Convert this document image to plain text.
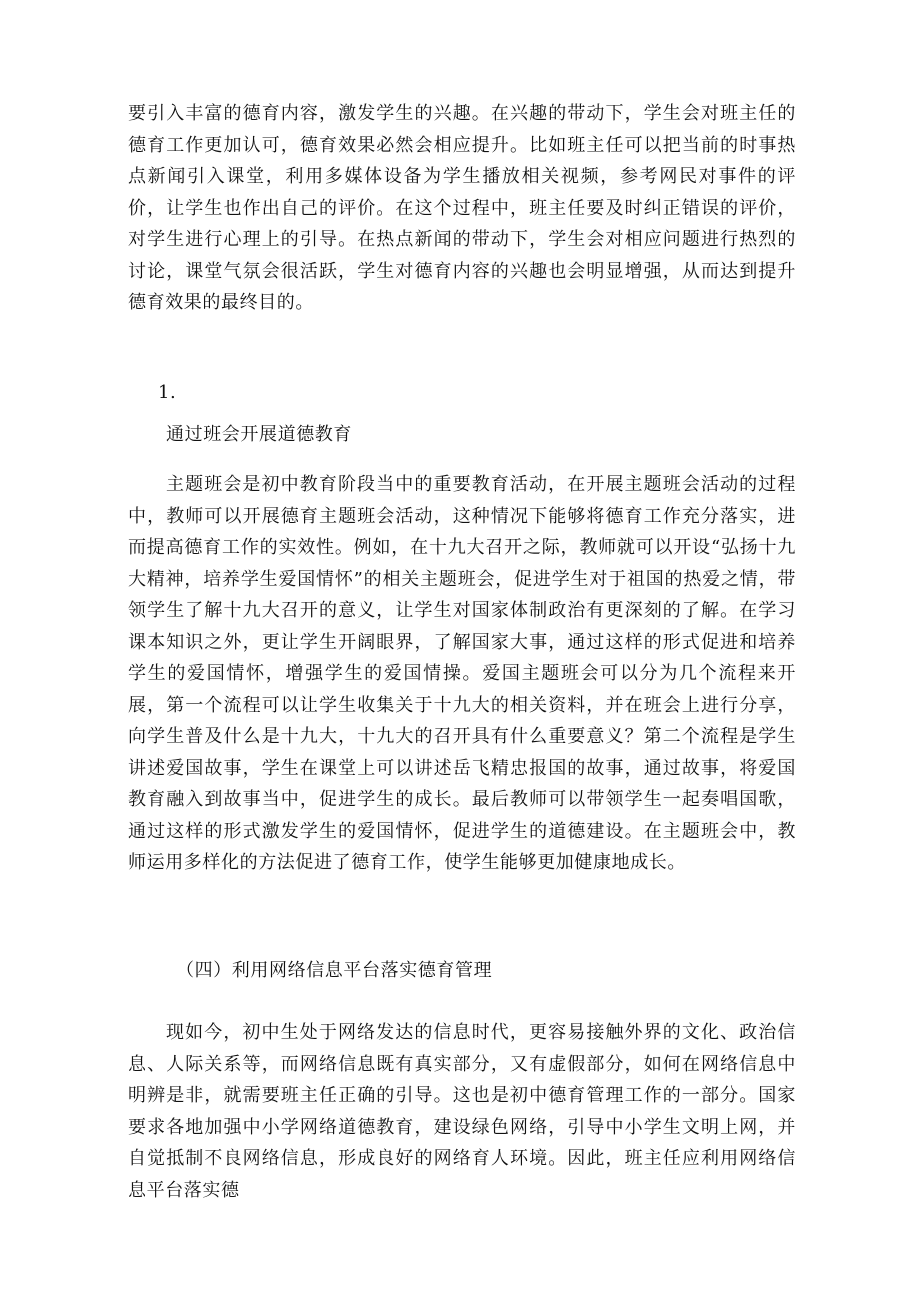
要引入丰富的德育内容，激发学生的兴趣。在兴趣的带动下，学生会对班主任的德育工作更加认可，德育效果必然会相应提升。比如班主任可以把当前的时事热点新闻引入课堂，利用多媒体设备为学生播放相关视频，参考网民对事件的评价，让学生也作出自己的评价。在这个过程中，班主任要及时纠正错误的评价，对学生进行心理上的引导。在热点新闻的带动下，学生会对相应问题进行热烈的讨论，课堂气氛会很活跃，学生对德育内容的兴趣也会明显增强，从而达到提升德育效果的最终目的。

1.

通过班会开展道德教育

主题班会是初中教育阶段当中的重要教育活动，在开展主题班会活动的过程中，教师可以开展德育主题班会活动，这种情况下能够将德育工作充分落实，进而提高德育工作的实效性。例如，在十九大召开之际，教师就可以开设“弘扬十九大精神，培养学生爱国情怀”的相关主题班会，促进学生对于祖国的热爱之情，带领学生了解十九大召开的意义，让学生对国家体制政治有更深刻的了解。在学习课本知识之外，更让学生开阔眼界，了解国家大事，通过这样的形式促进和培养学生的爱国情怀，增强学生的爱国情操。爱国主题班会可以分为几个流程来开展，第一个流程可以让学生收集关于十九大的相关资料，并在班会上进行分享，向学生普及什么是十九大，十九大的召开具有什么重要意义？第二个流程是学生讲述爱国故事，学生在课堂上可以讲述岳飞精忠报国的故事，通过故事，将爱国教育融入到故事当中，促进学生的成长。最后教师可以带领学生一起奏唱国歌，通过这样的形式激发学生的爱国情怀，促进学生的道德建设。在主题班会中，教师运用多样化的方法促进了德育工作，使学生能够更加健康地成长。

（四）利用网络信息平台落实德育管理

现如今，初中生处于网络发达的信息时代，更容易接触外界的文化、政治信息、人际关系等，而网络信息既有真实部分，又有虚假部分，如何在网络信息中明辨是非，就需要班主任正确的引导。这也是初中德育管理工作的一部分。国家要求各地加强中小学网络道德教育，建设绿色网络，引导中小学生文明上网，并自觉抵制不良网络信息，形成良好的网络育人环境。因此，班主任应利用网络信息平台落实德
